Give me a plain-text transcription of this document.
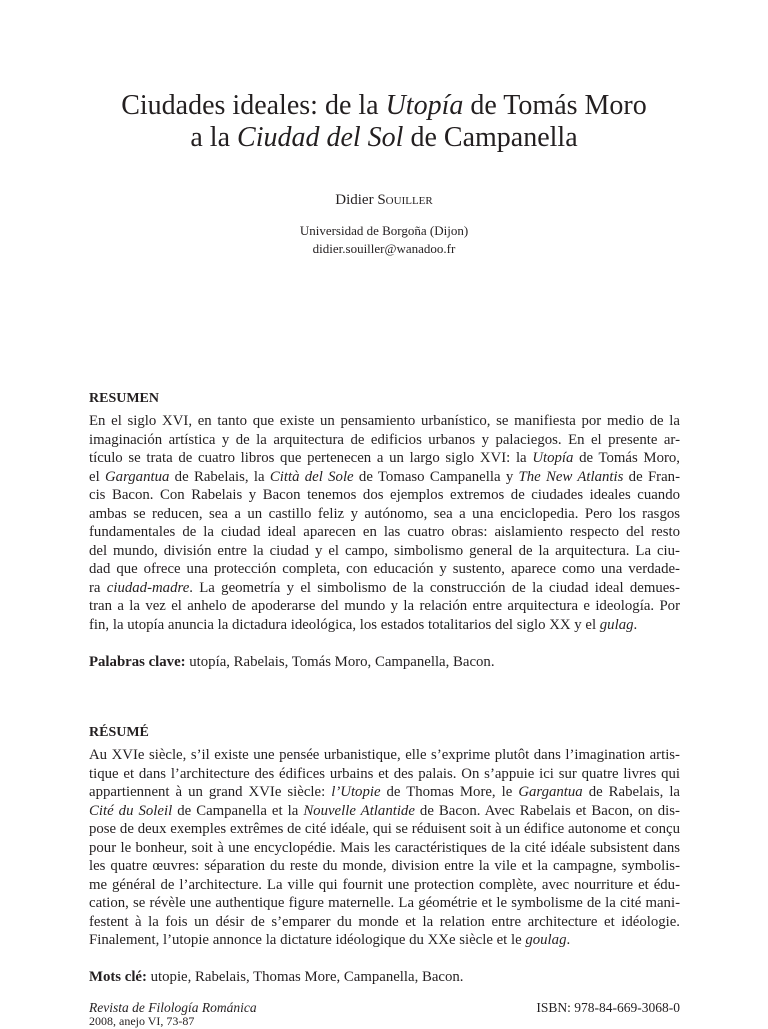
Ciudades ideales: de la Utopía de Tomás Moro
a la Ciudad del Sol de Campanella
Didier Souiller
Universidad de Borgoña (Dijon)
didier.souiller@wanadoo.fr
RESUMEN
En el siglo XVI, en tanto que existe un pensamiento urbanístico, se manifiesta por medio de la
imaginación artística y de la arquitectura de edificios urbanos y palaciegos. En el presente ar-
tículo se trata de cuatro libros que pertenecen a un largo siglo XVI: la Utopía de Tomás Moro,
el Gargantua de Rabelais, la Città del Sole de Tomaso Campanella y The New Atlantis de Fran-
cis Bacon. Con Rabelais y Bacon tenemos dos ejemplos extremos de ciudades ideales cuando
ambas se reducen, sea a un castillo feliz y autónomo, sea a una enciclopedia. Pero los rasgos
fundamentales de la ciudad ideal aparecen en las cuatro obras: aislamiento respecto del resto
del mundo, división entre la ciudad y el campo, simbolismo general de la arquitectura. La ciu-
dad que ofrece una protección completa, con educación y sustento, aparece como una verdade-
ra ciudad-madre. La geometría y el simbolismo de la construcción de la ciudad ideal demues-
tran a la vez el anhelo de apoderarse del mundo y la relación entre arquitectura e ideología. Por
fin, la utopía anuncia la dictadura ideológica, los estados totalitarios del siglo XX y el gulag.
Palabras clave: utopía, Rabelais, Tomás Moro, Campanella, Bacon.
RÉSUMÉ
Au XVIe siècle, s’il existe une pensée urbanistique, elle s’exprime plutôt dans l’imagination artis-
tique et dans l’architecture des édifices urbains et des palais. On s’appuie ici sur quatre livres qui
appartiennent à un grand XVIe siècle: l’Utopie de Thomas More, le Gargantua de Rabelais, la
Cité du Soleil de Campanella et la Nouvelle Atlantide de Bacon. Avec Rabelais et Bacon, on dis-
pose de deux exemples extrêmes de cité idéale, qui se réduisent soit à un édifice autonome et conçu
pour le bonheur, soit à une encyclopédie. Mais les caractéristiques de la cité idéale subsistent dans
les quatre œuvres: séparation du reste du monde, division entre la vile et la campagne, symbolis-
me général de l’architecture. La ville qui fournit une protection complète, avec nourriture et édu-
cation, se révèle une authentique figure maternelle. La géométrie et le symbolisme de la cité mani-
festent à la fois un désir de s’emparer du monde et la relation entre architecture et idéologie.
Finalement, l’utopie annonce la dictature idéologique du XXe siècle et le goulag.
Mots clé: utopie, Rabelais, Thomas More, Campanella, Bacon.
Revista de Filología Románica	ISBN: 978-84-669-3068-0
2008, anejo VI, 73-87
